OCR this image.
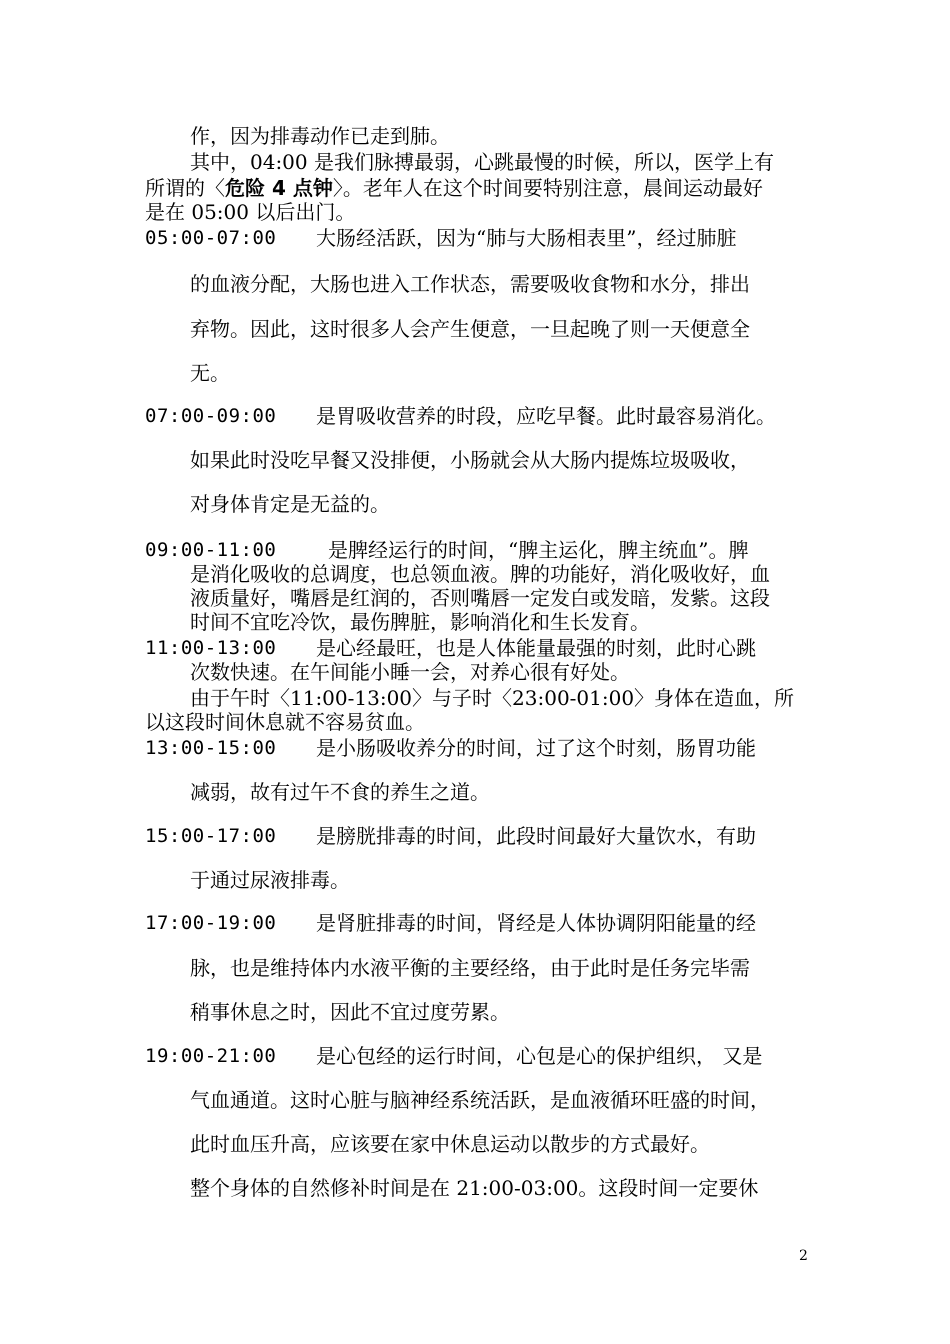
作，因为排毒动作已走到肺。
其中，04:00 是我们脉搏最弱，心跳最慢的时候，所以，医学上有
所谓的〈危险 4 点钟〉。老年人在这个时间要特别注意，晨间运动最好
是在 05:00 以后出门。
05:00-07:00 大肠经活跃，因为“肺与大肠相表里”，经过肺脏
的血液分配，大肠也进入工作状态，需要吸收食物和水分，排出
弃物。因此，这时很多人会产生便意，一旦起晚了则一天便意全
无。
07:00-09:00 是胃吸收营养的时段，应吃早餐。此时最容易消化。
如果此时没吃早餐又没排便，小肠就会从大肠内提炼垃圾吸收，
对身体肯定是无益的。
09:00-11:00	是脾经运行的时间，“脾主运化，脾主统血”。脾
是消化吸收的总调度，也总领血液。脾的功能好，消化吸收好，血
液质量好，嘴唇是红润的，否则嘴唇一定发白或发暗，发紫。这段
时间不宜吃冷饮，最伤脾脏，影响消化和生长发育。
11:00-13:00 是心经最旺，也是人体能量最强的时刻，此时心跳
次数快速。在午间能小睡一会，对养心很有好处。
由于午时〈11:00-13:00〉与子时〈23:00-01:00〉身体在造血，所
以这段时间休息就不容易贫血。
13:00-15:00 是小肠吸收养分的时间，过了这个时刻，肠胃功能
减弱，故有过午不食的养生之道。
15:00-17:00 是膀胱排毒的时间，此段时间最好大量饮水，有助
于通过尿液排毒。
17:00-19:00 是肾脏排毒的时间，肾经是人体协调阴阳能量的经
脉，也是维持体内水液平衡的主要经络，由于此时是任务完毕需
稍事休息之时，因此不宜过度劳累。
19:00-21:00 是心包经的运行时间，心包是心的保护组织， 又是
气血通道。这时心脏与脑神经系统活跃，是血液循环旺盛的时间，
此时血压升高，应该要在家中休息运动以散步的方式最好。
整个身体的自然修补时间是在 21:00-03:00。这段时间一定要休
2
